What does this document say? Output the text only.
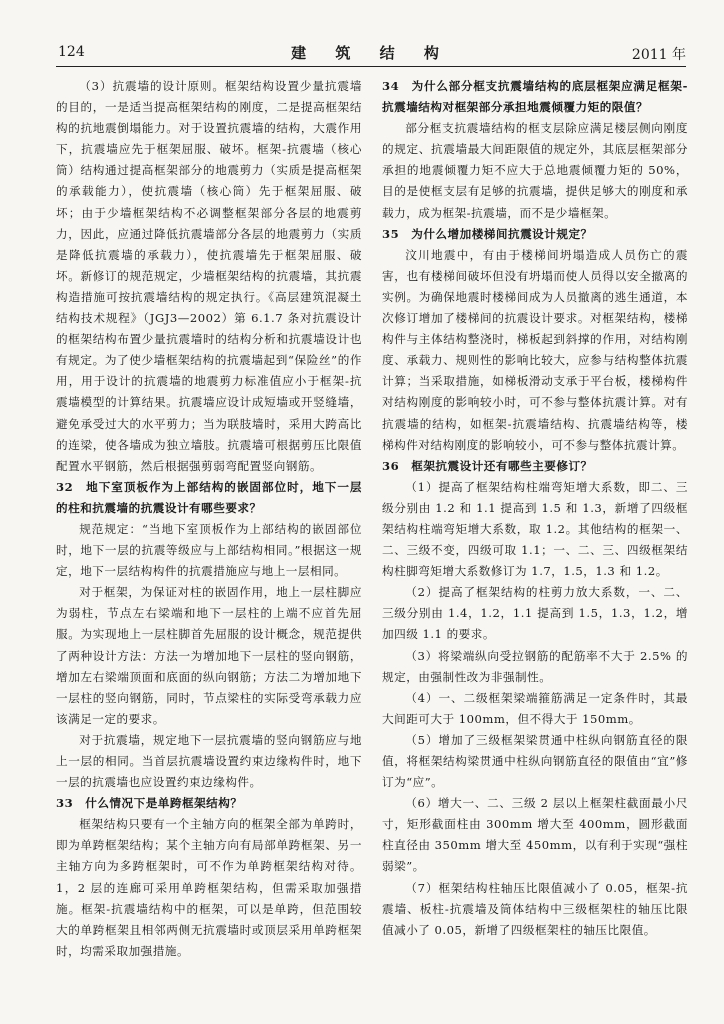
124	建 筑 结 构	2011 年

（3）抗震墙的设计原则。框架结构设置少量抗震墙的目的，一是适当提高框架结构的刚度，二是提高框架结构的抗地震倒塌能力。对于设置抗震墙的结构，大震作用下，抗震墙应先于框架屈服、破坏。框架-抗震墙（核心筒）结构通过提高框架部分的地震剪力（实质是提高框架的承载能力），使抗震墙（核心筒）先于框架屈服、破坏；由于少墙框架结构不必调整框架部分各层的地震剪力，因此，应通过降低抗震墙部分各层的地震剪力（实质是降低抗震墙的承载力），使抗震墙先于框架屈服、破坏。新修订的规范规定，少墙框架结构的抗震墙，其抗震构造措施可按抗震墙结构的规定执行。《高层建筑混凝土结构技术规程》（JGJ3—2002）第 6.1.7 条对抗震设计的框架结构布置少量抗震墙时的结构分析和抗震墙设计也有规定。为了使少墙框架结构的抗震墙起到“保险丝”的作用，用于设计的抗震墙的地震剪力标准值应小于框架-抗震墙模型的计算结果。抗震墙应设计成短墙或开竖缝墙，避免承受过大的水平剪力；当为联肢墙时，采用大跨高比的连梁，使各墙成为独立墙肢。抗震墙可根据剪压比限值配置水平钢筋，然后根据强剪弱弯配置竖向钢筋。

32　地下室顶板作为上部结构的嵌固部位时，地下一层的柱和抗震墙的抗震设计有哪些要求？

规范规定：“当地下室顶板作为上部结构的嵌固部位时，地下一层的抗震等级应与上部结构相同。”根据这一规定，地下一层结构构件的抗震措施应与地上一层相同。

对于框架，为保证对柱的嵌固作用，地上一层柱脚应为弱柱，节点左右梁端和地下一层柱的上端不应首先屈服。为实现地上一层柱脚首先屈服的设计概念，规范提供了两种设计方法：方法一为增加地下一层柱的竖向钢筋，增加左右梁端顶面和底面的纵向钢筋；方法二为增加地下一层柱的竖向钢筋，同时，节点梁柱的实际受弯承载力应该满足一定的要求。

对于抗震墙，规定地下一层抗震墙的竖向钢筋应与地上一层的相同。当首层抗震墙设置约束边缘构件时，地下一层的抗震墙也应设置约束边缘构件。

33　什么情况下是单跨框架结构？

框架结构只要有一个主轴方向的框架全部为单跨时，即为单跨框架结构；某个主轴方向有局部单跨框架、另一主轴方向为多跨框架时，可不作为单跨框架结构对待。1，2 层的连廊可采用单跨框架结构，但需采取加强措施。框架-抗震墙结构中的框架，可以是单跨，但范围较大的单跨框架且相邻两侧无抗震墙时或顶层采用单跨框架时，均需采取加强措施。

34　为什么部分框支抗震墙结构的底层框架应满足框架-抗震墙结构对框架部分承担地震倾覆力矩的限值？

部分框支抗震墙结构的框支层除应满足楼层侧向刚度的规定、抗震墙最大间距限值的规定外，其底层框架部分承担的地震倾覆力矩不应大于总地震倾覆力矩的 50%，目的是使框支层有足够的抗震墙，提供足够大的刚度和承载力，成为框架-抗震墙，而不是少墙框架。

35　为什么增加楼梯间抗震设计规定？

汶川地震中，有由于楼梯间坍塌造成人员伤亡的震害，也有楼梯间破坏但没有坍塌而使人员得以安全撤离的实例。为确保地震时楼梯间成为人员撤离的逃生通道，本次修订增加了楼梯间的抗震设计要求。对框架结构，楼梯构件与主体结构整浇时，梯板起到斜撑的作用，对结构刚度、承载力、规则性的影响比较大，应参与结构整体抗震计算；当采取措施，如梯板滑动支承于平台板，楼梯构件对结构刚度的影响较小时，可不参与整体抗震计算。对有抗震墙的结构，如框架-抗震墙结构、抗震墙结构等，楼梯构件对结构刚度的影响较小，可不参与整体抗震计算。

36　框架抗震设计还有哪些主要修订？

（1）提高了框架结构柱端弯矩增大系数，即二、三级分别由 1.2 和 1.1 提高到 1.5 和 1.3，新增了四级框架结构柱端弯矩增大系数，取 1.2。其他结构的框架一、二、三级不变，四级可取 1.1；一、二、三、四级框架结构柱脚弯矩增大系数修订为 1.7，1.5，1.3 和 1.2。

（2）提高了框架结构的柱剪力放大系数，一、二、三级分别由 1.4，1.2，1.1 提高到 1.5，1.3，1.2，增加四级 1.1 的要求。

（3）将梁端纵向受拉钢筋的配筋率不大于 2.5% 的规定，由强制性改为非强制性。

（4）一、二级框架梁端箍筋满足一定条件时，其最大间距可大于 100mm，但不得大于 150mm。

（5）增加了三级框架梁贯通中柱纵向钢筋直径的限值，将框架结构梁贯通中柱纵向钢筋直径的限值由“宜”修订为“应”。

（6）增大一、二、三级 2 层以上框架柱截面最小尺寸，矩形截面柱由 300mm 增大至 400mm，圆形截面柱直径由 350mm 增大至 450mm，以有利于实现“强柱弱梁”。

（7）框架结构柱轴压比限值减小了 0.05，框架-抗震墙、板柱-抗震墙及筒体结构中三级框架柱的轴压比限值减小了 0.05，新增了四级框架柱的轴压比限值。
